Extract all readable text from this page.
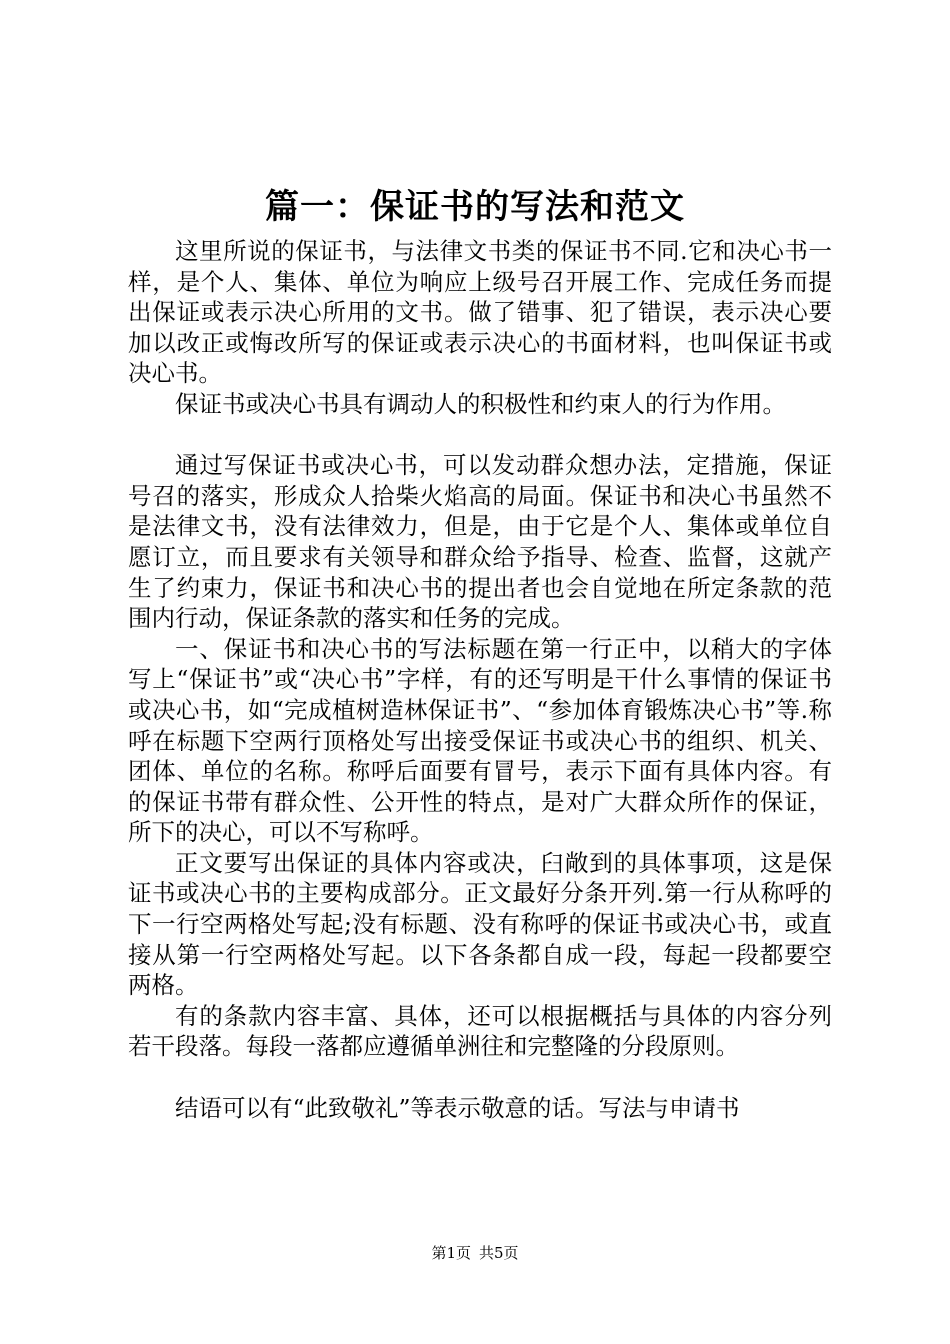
篇一：保证书的写法和范文

这里所说的保证书，与法律文书类的保证书不同.它和决心书一样，是个人、集体、单位为响应上级号召开展工作、完成任务而提出保证或表示决心所用的文书。做了错事、犯了错误，表示决心要加以改正或悔改所写的保证或表示决心的书面材料，也叫保证书或决心书。

保证书或决心书具有调动人的积极性和约束人的行为作用。

通过写保证书或决心书，可以发动群众想办法，定措施，保证号召的落实，形成众人拾柴火焰高的局面。保证书和决心书虽然不是法律文书，没有法律效力，但是，由于它是个人、集体或单位自愿订立，而且要求有关领导和群众给予指导、检查、监督，这就产生了约束力，保证书和决心书的提出者也会自觉地在所定条款的范围内行动，保证条款的落实和任务的完成。

一、保证书和决心书的写法标题在第一行正中，以稍大的字体写上“保证书”或“决心书”字样，有的还写明是干什么事情的保证书或决心书，如“完成植树造林保证书”、“参加体育锻炼决心书”等.称呼在标题下空两行顶格处写出接受保证书或决心书的组织、机关、团体、单位的名称。称呼后面要有冒号，表示下面有具体内容。有的保证书带有群众性、公开性的特点，是对广大群众所作的保证，所下的决心，可以不写称呼。

正文要写出保证的具体内容或决，臼敞到的具体事项，这是保证书或决心书的主要构成部分。正文最好分条开列.第一行从称呼的下一行空两格处写起;没有标题、没有称呼的保证书或决心书，或直接从第一行空两格处写起。以下各条都自成一段，每起一段都要空两格。

有的条款内容丰富、具体，还可以根据概括与具体的内容分列若干段落。每段一落都应遵循单洲往和完整隆的分段原则。

结语可以有“此致敬礼”等表示敬意的话。写法与申请书

第1页 共5页
